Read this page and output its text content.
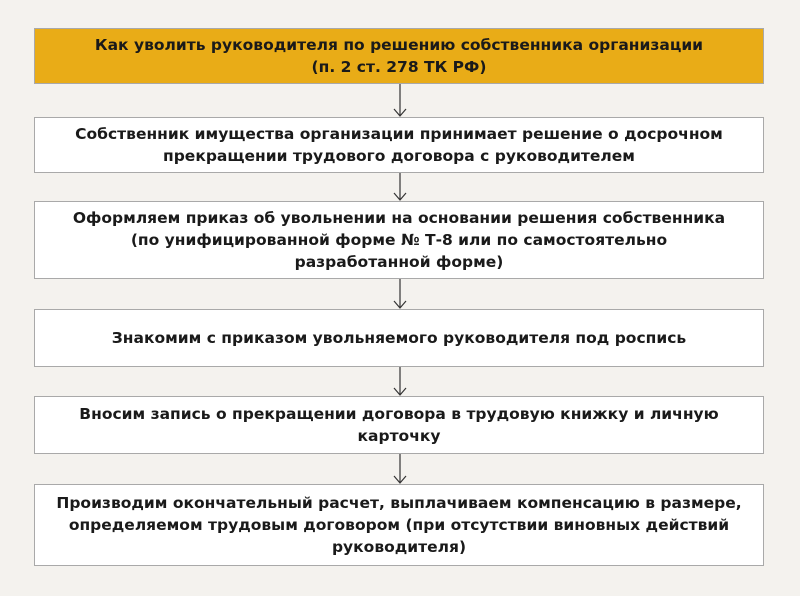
Как уволить руководителя по решению собственника организации
(п. 2 ст. 278 ТК РФ)
Собственник имущества организации принимает решение о досрочном
прекращении трудового договора с руководителем
Оформляем приказ об увольнении на основании решения собственника
(по унифицированной форме № Т-8 или по самостоятельно
разработанной форме)
Знакомим с приказом увольняемого руководителя под роспись
Вносим запись о прекращении договора в трудовую книжку и личную
карточку
Производим окончательный расчет, выплачиваем компенсацию в размере,
определяемом трудовым договором (при отсутствии виновных действий
руководителя)
